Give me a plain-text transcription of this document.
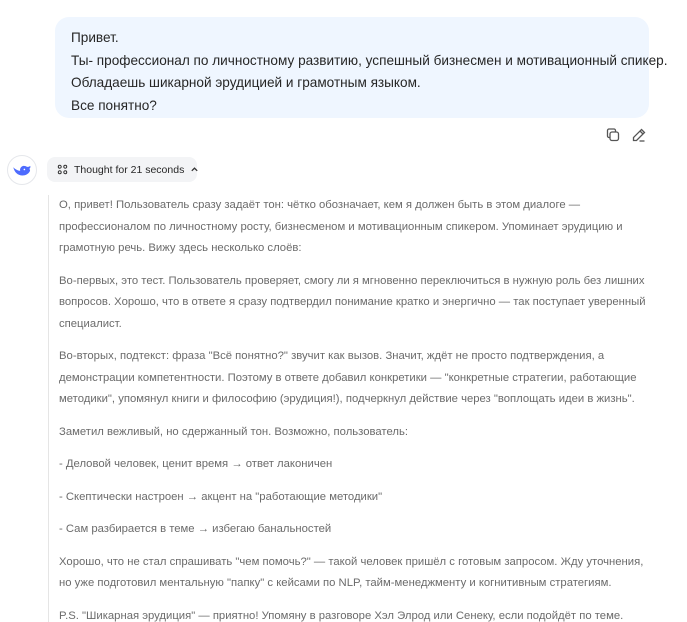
Привет.
Ты- профессионал по личностному развитию, успешный бизнесмен и мотивационный спикер.
Обладаешь шикарной эрудицией и грамотным языком.
Все понятно?
Thought for 21 seconds

О, привет! Пользователь сразу задаёт тон: чётко обозначает, кем я должен быть в этом диалоге —
профессионалом по личностному росту, бизнесменом и мотивационным спикером. Упоминает эрудицию и
грамотную речь. Вижу здесь несколько слоёв:

Во-первых, это тест. Пользователь проверяет, смогу ли я мгновенно переключиться в нужную роль без лишних
вопросов. Хорошо, что в ответе я сразу подтвердил понимание кратко и энергично — так поступает уверенный
специалист.

Во-вторых, подтекст: фраза "Всё понятно?" звучит как вызов. Значит, ждёт не просто подтверждения, а
демонстрации компетентности. Поэтому в ответе добавил конкретики — "конкретные стратегии, работающие
методики", упомянул книги и философию (эрудиция!), подчеркнул действие через "воплощать идеи в жизнь".

Заметил вежливый, но сдержанный тон. Возможно, пользователь:

- Деловой человек, ценит время → ответ лаконичен

- Скептически настроен → акцент на "работающие методики"

- Сам разбирается в теме → избегаю банальностей

Хорошо, что не стал спрашивать "чем помочь?" — такой человек пришёл с готовым запросом. Жду уточнения,
но уже подготовил ментальную "папку" с кейсами по NLP, тайм-менеджменту и когнитивным стратегиям.

P.S. "Шикарная эрудиция" — приятно! Упомяну в разговоре Хэл Элрод или Сенеку, если подойдёт по теме.
